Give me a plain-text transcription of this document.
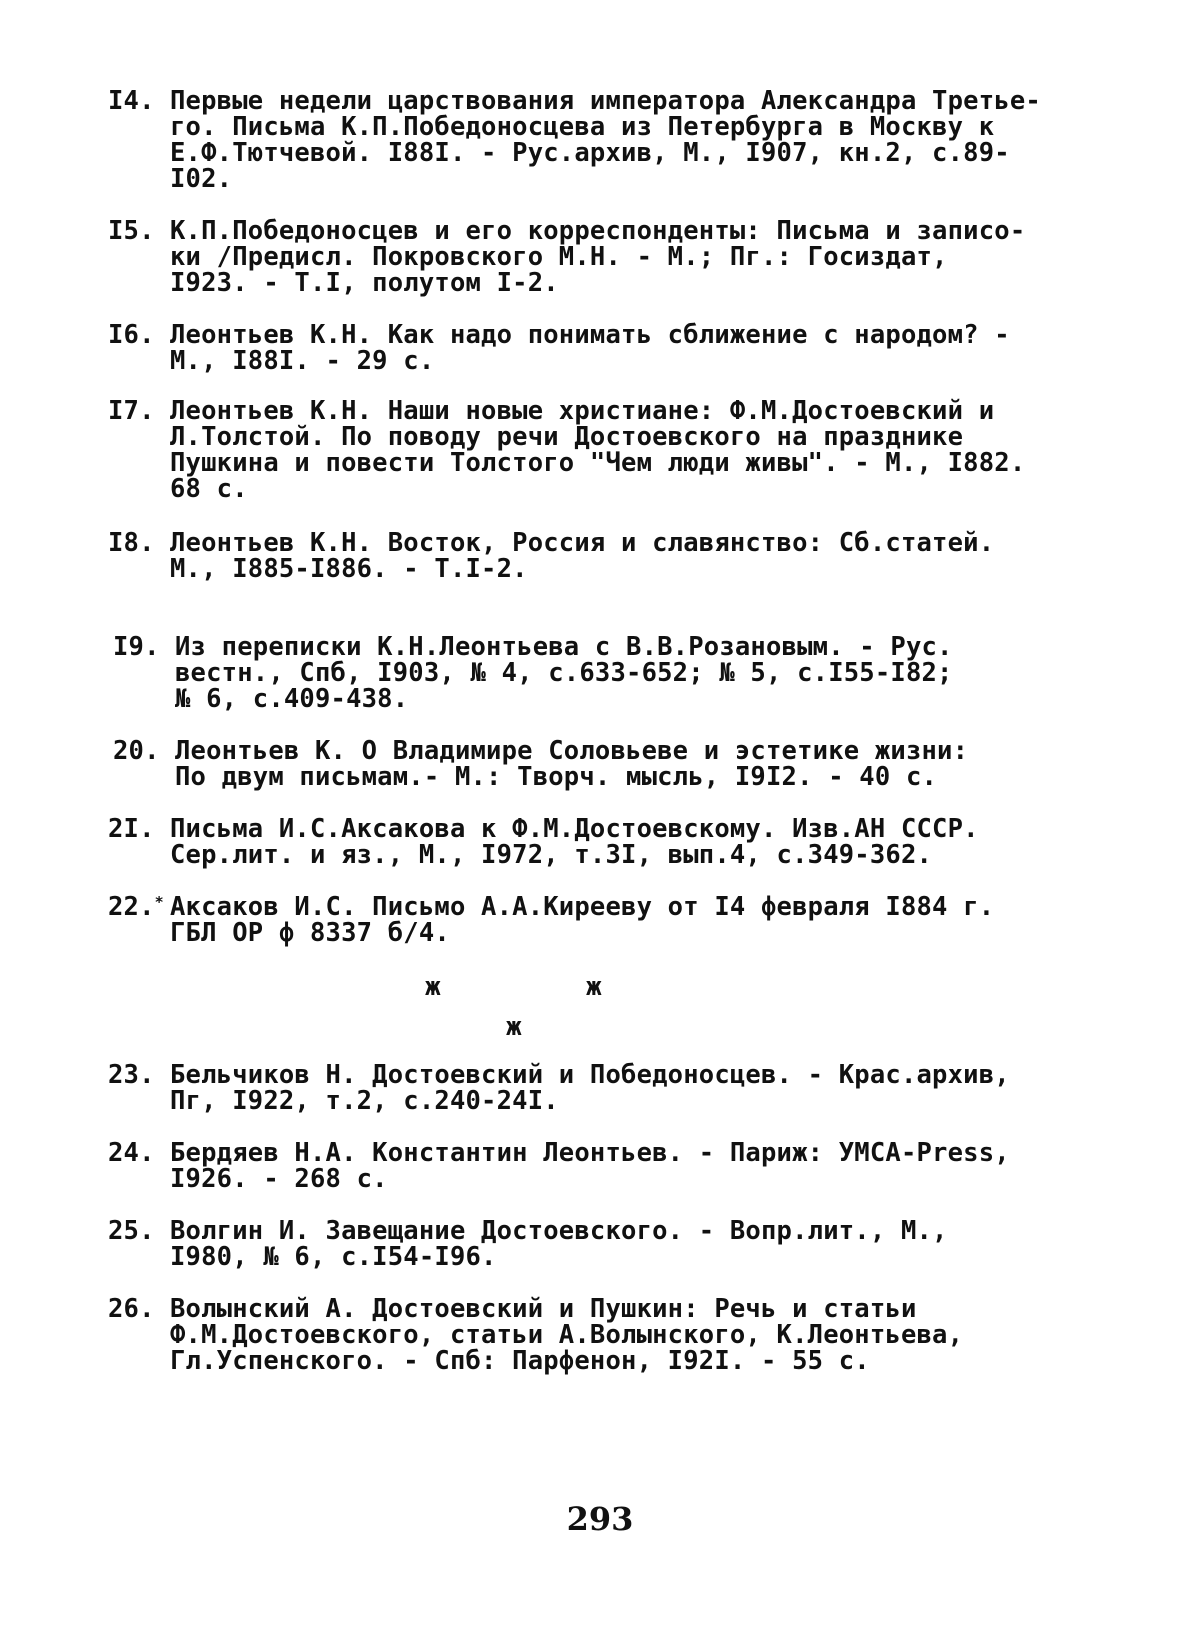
I4. Первые недели царствования императора Александра Третье-
го. Письма К.П.Победоносцева из Петербурга в Москву к
Е.Ф.Тютчевой. I88I. - Рус.архив, М., I907, кн.2, с.89-
I02.
I5. К.П.Победоносцев и его корреспонденты: Письма и записо-
ки /Предисл. Покровского М.Н. - М.; Пг.: Госиздат,
I923. - Т.I, полутом I-2.
I6. Леонтьев К.Н. Как надо понимать сближение с народом? -
М., I88I. - 29 с.
I7. Леонтьев К.Н. Наши новые христиане: Ф.М.Достоевский и
Л.Толстой. По поводу речи Достоевского на празднике
Пушкина и повести Толстого "Чем люди живы". - М., I882.
68 с.
I8. Леонтьев К.Н. Восток, Россия и славянство: Сб.статей.
М., I885-I886. - Т.I-2.
I9. Из переписки К.Н.Леонтьева с В.В.Розановым. - Рус.
вестн., Спб, I903, № 4, с.633-652; № 5, с.I55-I82;
№ 6, с.409-438.
20. Леонтьев К. О Владимире Соловьеве и эстетике жизни:
По двум письмам.- М.: Творч. мысль, I9I2. - 40 с.
2I. Письма И.С.Аксакова к Ф.М.Достоевскому. Изв.АН СССР.
Сер.лит. и яз., М., I972, т.3I, вып.4, с.349-362.
22.* Аксаков И.С. Письмо А.А.Кирееву от I4 февраля I884 г.
ГБЛ ОР ф 8337 б/4.
ж	ж
ж
23. Бельчиков Н. Достоевский и Победоносцев. - Крас.архив,
Пг, I922, т.2, с.240-24I.
24. Бердяев Н.А. Константин Леонтьев. - Париж: УМСА-Press,
I926. - 268 с.
25. Волгин И. Завещание Достоевского. - Вопр.лит., М.,
I980, № 6, с.I54-I96.
26. Волынский А. Достоевский и Пушкин: Речь и статьи
Ф.М.Достоевского, статьи А.Волынского, К.Леонтьева,
Гл.Успенского. - Спб: Парфенон, I92I. - 55 с.
293
